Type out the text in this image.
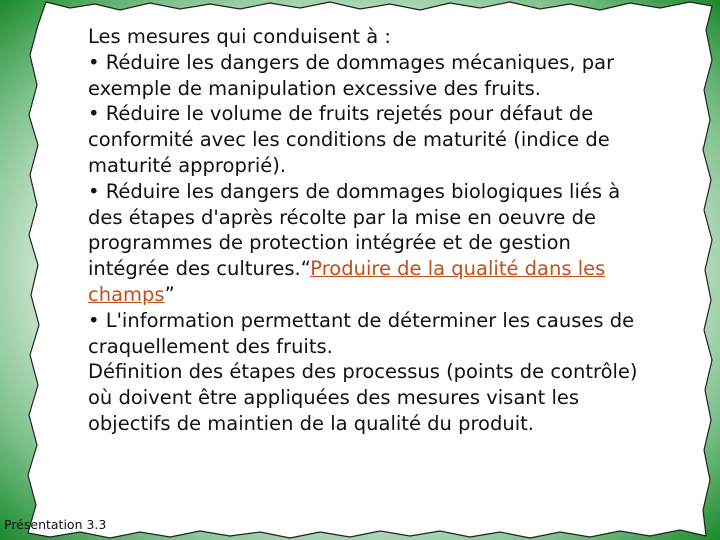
Les mesures qui conduisent à :

• Réduire les dangers de dommages mécaniques, par exemple de manipulation excessive des fruits.

• Réduire le volume de fruits rejetés pour défaut de conformité avec les conditions de maturité (indice de maturité approprié).

• Réduire les dangers de dommages biologiques liés à des étapes d'après récolte par la mise en oeuvre de programmes de protection intégrée et de gestion intégrée des cultures.“Produire de la qualité dans les champs”

• L'information permettant de déterminer les causes de craquellement des fruits.

Définition des étapes des processus (points de contrôle) où doivent être appliquées des mesures visant les objectifs de maintien de la qualité du produit.

Présentation 3.3
